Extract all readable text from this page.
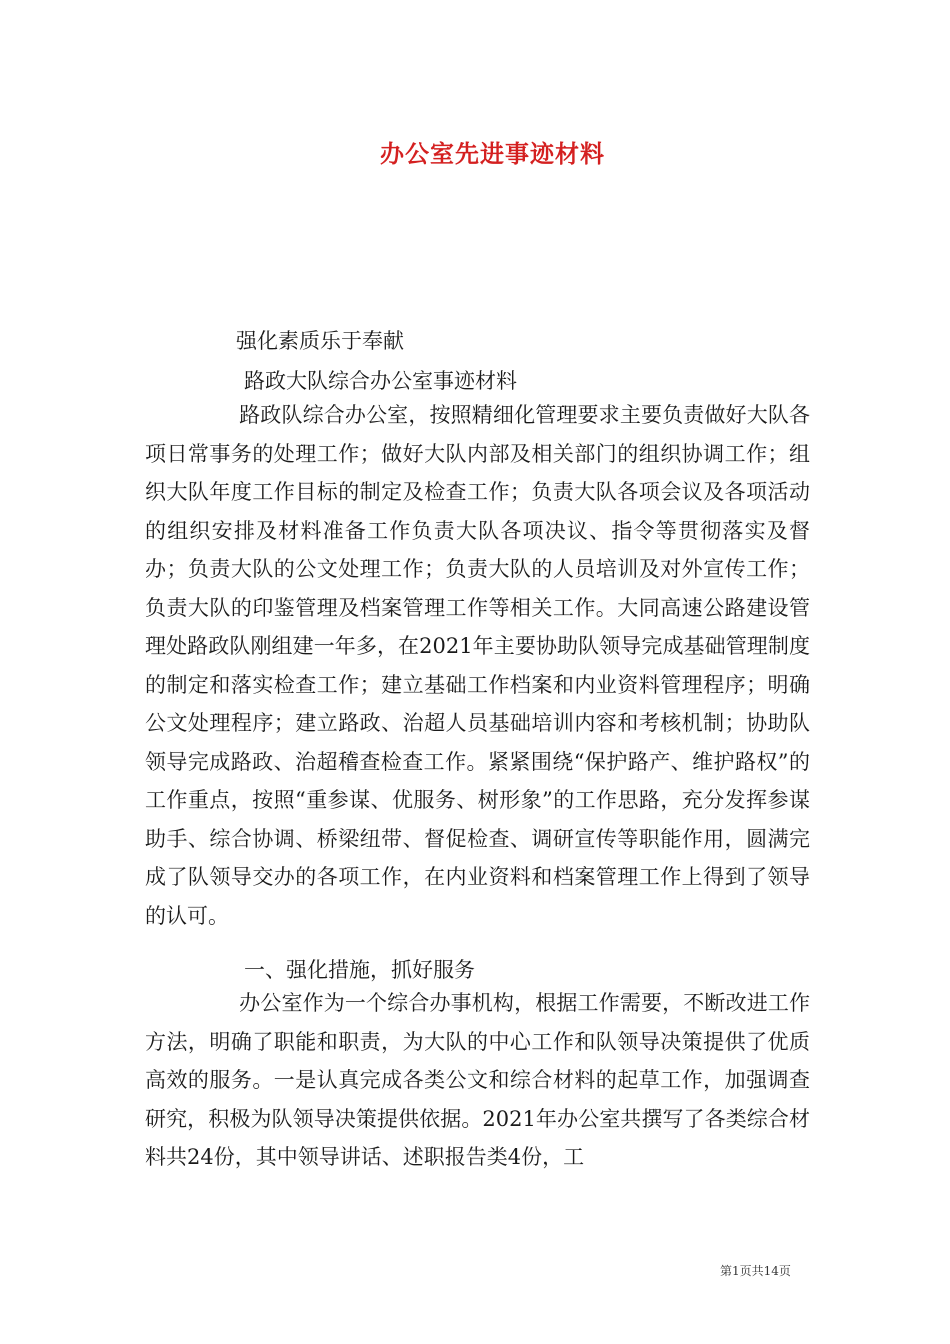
办公室先进事迹材料
强化素质乐于奉献
路政大队综合办公室事迹材料
路政队综合办公室，按照精细化管理要求主要负责做好大队各项日常事务的处理工作；做好大队内部及相关部门的组织协调工作；组织大队年度工作目标的制定及检查工作；负责大队各项会议及各项活动的组织安排及材料准备工作负责大队各项决议、指令等贯彻落实及督办；负责大队的公文处理工作；负责大队的人员培训及对外宣传工作；负责大队的印鉴管理及档案管理工作等相关工作。大同高速公路建设管理处路政队刚组建一年多，在2021年主要协助队领导完成基础管理制度的制定和落实检查工作；建立基础工作档案和内业资料管理程序；明确公文处理程序；建立路政、治超人员基础培训内容和考核机制；协助队领导完成路政、治超稽查检查工作。紧紧围绕“保护路产、维护路权”的工作重点，按照“重参谋、优服务、树形象”的工作思路，充分发挥参谋助手、综合协调、桥梁纽带、督促检查、调研宣传等职能作用，圆满完成了队领导交办的各项工作，在内业资料和档案管理工作上得到了领导的认可。
一、强化措施，抓好服务
办公室作为一个综合办事机构，根据工作需要，不断改进工作方法，明确了职能和职责，为大队的中心工作和队领导决策提供了优质高效的服务。一是认真完成各类公文和综合材料的起草工作，加强调查研究，积极为队领导决策提供依据。2021年办公室共撰写了各类综合材料共24份，其中领导讲话、述职报告类4份，工
第1页共14页
